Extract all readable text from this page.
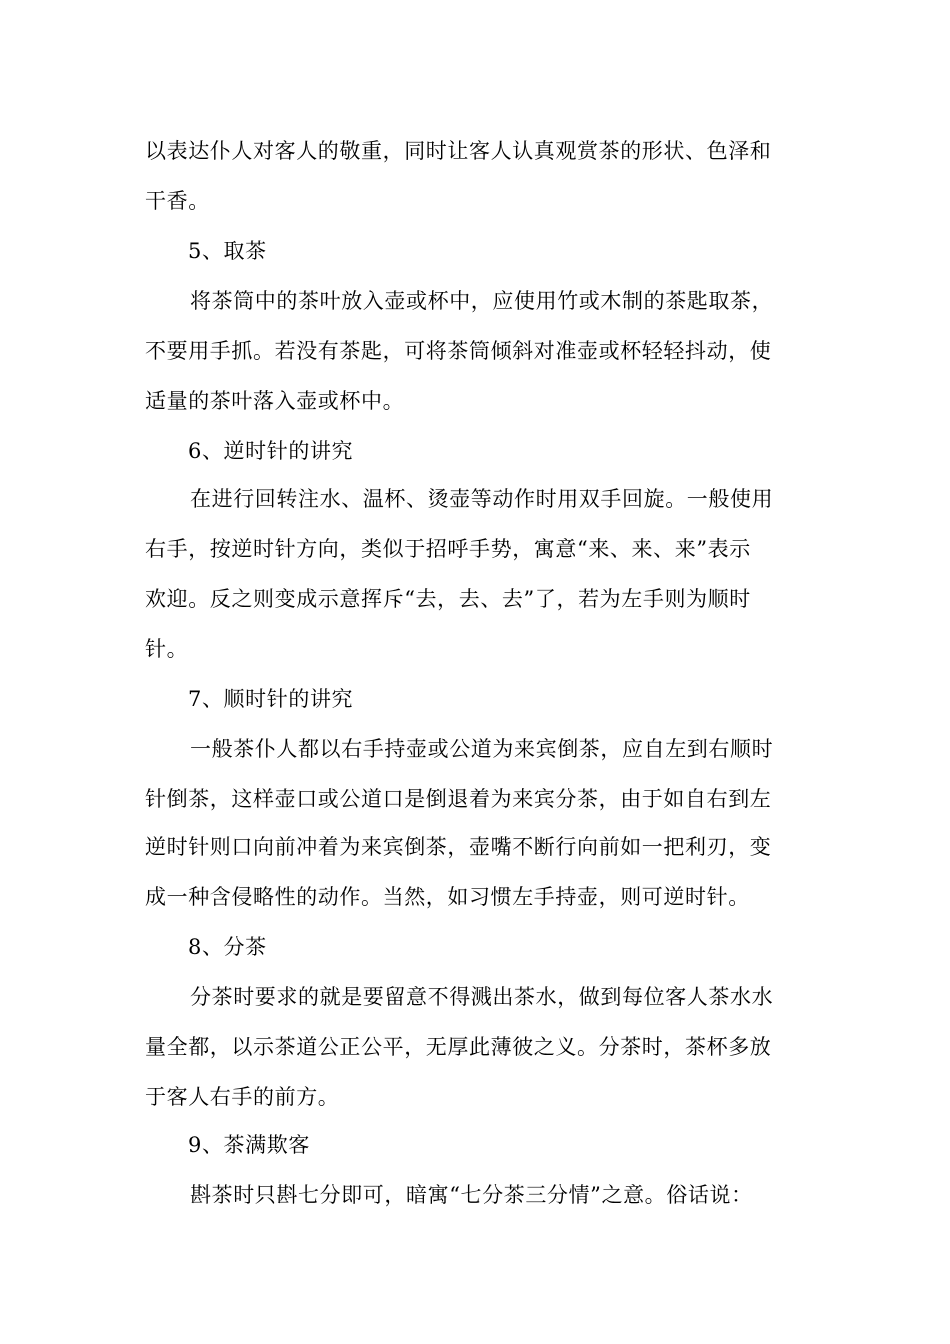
以表达仆人对客人的敬重，同时让客人认真观赏茶的形状、色泽和
干香。
5、取茶
将茶筒中的茶叶放入壶或杯中，应使用竹或木制的茶匙取茶，
不要用手抓。若没有茶匙，可将茶筒倾斜对准壶或杯轻轻抖动，使
适量的茶叶落入壶或杯中。
6、逆时针的讲究
在进行回转注水、温杯、烫壶等动作时用双手回旋。一般使用
右手，按逆时针方向，类似于招呼手势，寓意“来、来、来”表示
欢迎。反之则变成示意挥斥“去，去、去”了，若为左手则为顺时
针。
7、顺时针的讲究
一般茶仆人都以右手持壶或公道为来宾倒茶，应自左到右顺时
针倒茶，这样壶口或公道口是倒退着为来宾分茶，由于如自右到左
逆时针则口向前冲着为来宾倒茶，壶嘴不断行向前如一把利刃，变
成一种含侵略性的动作。当然，如习惯左手持壶，则可逆时针。
8、分茶
分茶时要求的就是要留意不得溅出茶水，做到每位客人茶水水
量全都，以示茶道公正公平，无厚此薄彼之义。分茶时，茶杯多放
于客人右手的前方。
9、茶满欺客
斟茶时只斟七分即可，暗寓“七分茶三分情”之意。俗话说：
